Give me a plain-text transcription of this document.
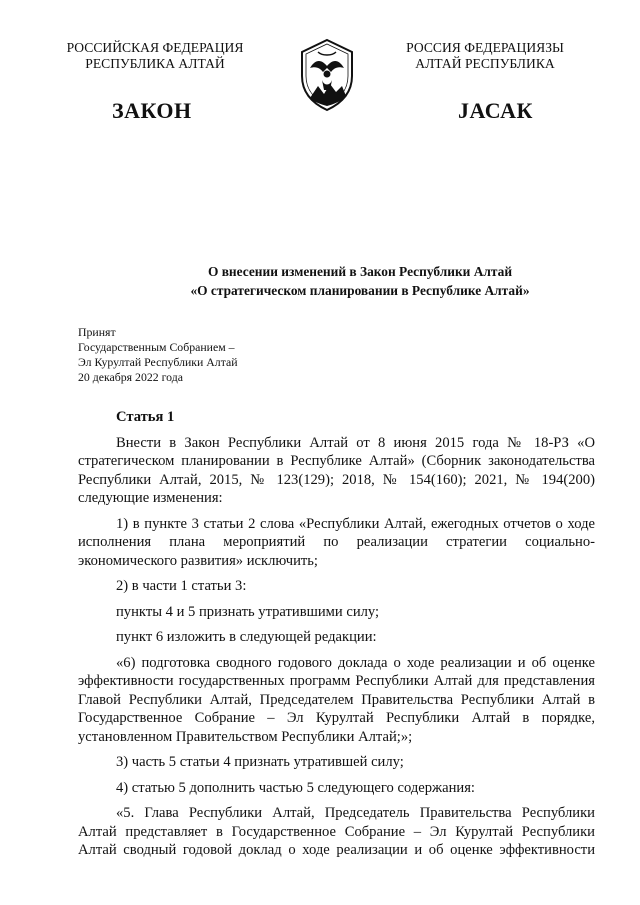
РОССИЙСКАЯ ФЕДЕРАЦИЯ
РЕСПУБЛИКА АЛТАЙ
РОССИЯ ФЕДЕРАЦИЯЗЫ
АЛТАЙ РЕСПУБЛИКА
ЗАКОН	ЈАСАК
О внесении изменений в Закон Республики Алтай
«О стратегическом планировании в Республике Алтай»
Принят
Государственным Собранием –
Эл Курултай Республики Алтай
20 декабря 2022 года
Статья 1

Внести в Закон Республики Алтай от 8 июня 2015 года № 18-РЗ «О стратегическом планировании в Республике Алтай» (Сборник законодательства Республики Алтай, 2015, № 123(129); 2018, № 154(160); 2021, № 194(200) следующие изменения:

1) в пункте 3 статьи 2 слова «Республики Алтай, ежегодных отчетов о ходе исполнения плана мероприятий по реализации стратегии социально-экономического развития» исключить;

2) в части 1 статьи 3:

пункты 4 и 5 признать утратившими силу;

пункт 6 изложить в следующей редакции:

«6) подготовка сводного годового доклада о ходе реализации и об оценке эффективности государственных программ Республики Алтай для представления Главой Республики Алтай, Председателем Правительства Республики Алтай в Государственное Собрание – Эл Курултай Республики Алтай в порядке, установленном Правительством Республики Алтай;»;

3) часть 5 статьи 4 признать утратившей силу;

4) статью 5 дополнить частью 5 следующего содержания:

«5. Глава Республики Алтай, Председатель Правительства Республики Алтай представляет в Государственное Собрание – Эл Курултай Республики Алтай сводный годовой доклад о ходе реализации и об оценке эффективности
